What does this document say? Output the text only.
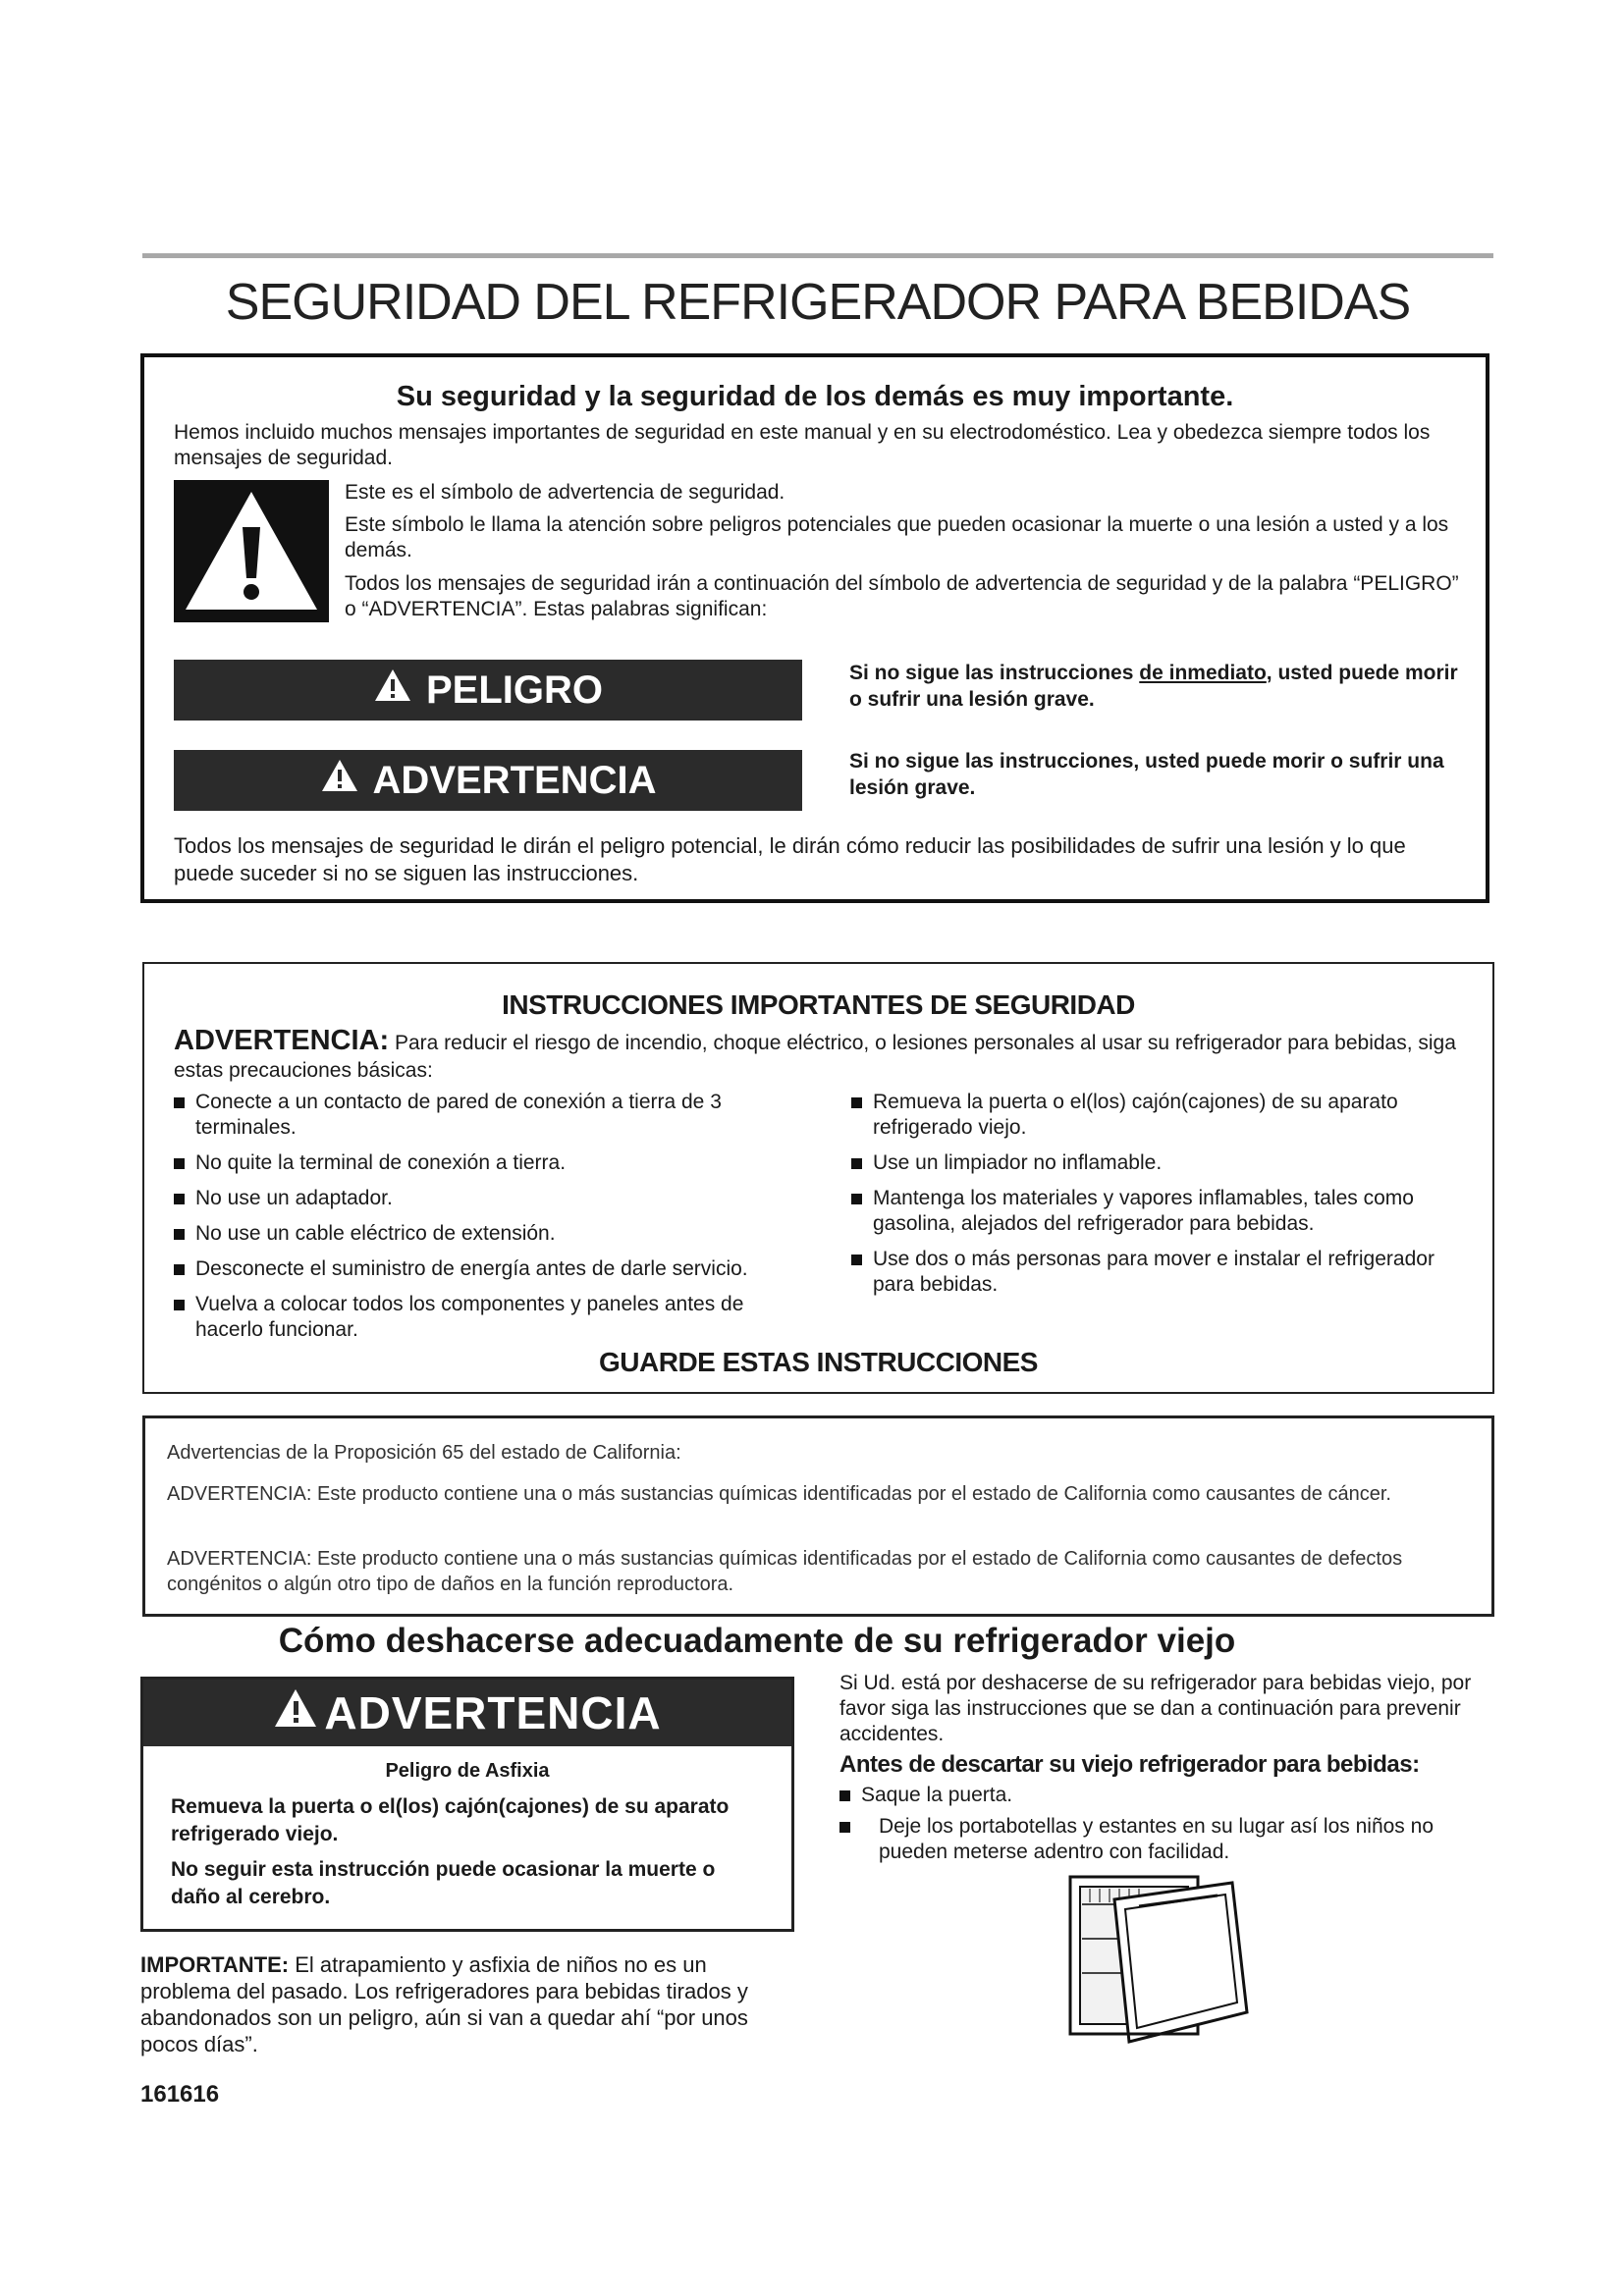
SEGURIDAD DEL REFRIGERADOR PARA BEBIDAS
Su seguridad y la seguridad de los demás es muy importante.
Hemos incluido muchos mensajes importantes de seguridad en este manual y en su electrodoméstico. Lea y obedezca siempre todos los mensajes de seguridad.
Este es el símbolo de advertencia de seguridad.
Este símbolo le llama la atención sobre peligros potenciales que pueden ocasionar la muerte o una lesión a usted y a los demás.
Todos los mensajes de seguridad irán a continuación del símbolo de advertencia de seguridad y de la palabra “PELIGRO” o “ADVERTENCIA”. Estas palabras significan:
PELIGRO	Si no sigue las instrucciones de inmediato, usted puede morir o sufrir una lesión grave.
ADVERTENCIA	Si no sigue las instrucciones, usted puede morir o sufrir una lesión grave.
Todos los mensajes de seguridad le dirán el peligro potencial, le dirán cómo reducir las posibilidades de sufrir una lesión y lo que puede suceder si no se siguen las instrucciones.
INSTRUCCIONES IMPORTANTES DE SEGURIDAD
ADVERTENCIA: Para reducir el riesgo de incendio, choque eléctrico, o lesiones personales al usar su refrigerador para bebidas, siga estas precauciones básicas:
Conecte a un contacto de pared de conexión a tierra de 3 terminales.
No quite la terminal de conexión a tierra.
No use un adaptador.
No use un cable eléctrico de extensión.
Desconecte el suministro de energía antes de darle servicio.
Vuelva a colocar todos los componentes y paneles antes de hacerlo funcionar.
Remueva la puerta o el(los) cajón(cajones) de su aparato refrigerado viejo.
Use un limpiador no inflamable.
Mantenga los materiales y vapores inflamables, tales como gasolina, alejados del refrigerador para bebidas.
Use dos o más personas para mover e instalar el refrigerador para bebidas.
GUARDE ESTAS INSTRUCCIONES
Advertencias de la Proposición 65 del estado de California:
ADVERTENCIA: Este producto contiene una o más sustancias químicas identificadas por el estado de California como causantes de cáncer.
ADVERTENCIA: Este producto contiene una o más sustancias químicas identificadas por el estado de California como causantes de defectos congénitos o algún otro tipo de daños en la función reproductora.
Cómo deshacerse adecuadamente de su refrigerador viejo
ADVERTENCIA
Peligro de Asfixia
Remueva la puerta o el(los) cajón(cajones) de su aparato refrigerado viejo.
No seguir esta instrucción puede ocasionar la muerte o daño al cerebro.
IMPORTANTE: El atrapamiento y asfixia de niños no es un problema del pasado. Los refrigeradores para bebidas tirados y abandonados son un peligro, aún si van a quedar ahí “por unos pocos días”.
161616
Si Ud. está por deshacerse de su refrigerador para bebidas viejo, por favor siga las instrucciones que se dan a continuación para prevenir accidentes.
Antes de descartar su viejo refrigerador para bebidas:
Saque la puerta.
Deje los portabotellas y estantes en su lugar así los niños no pueden meterse adentro con facilidad.
